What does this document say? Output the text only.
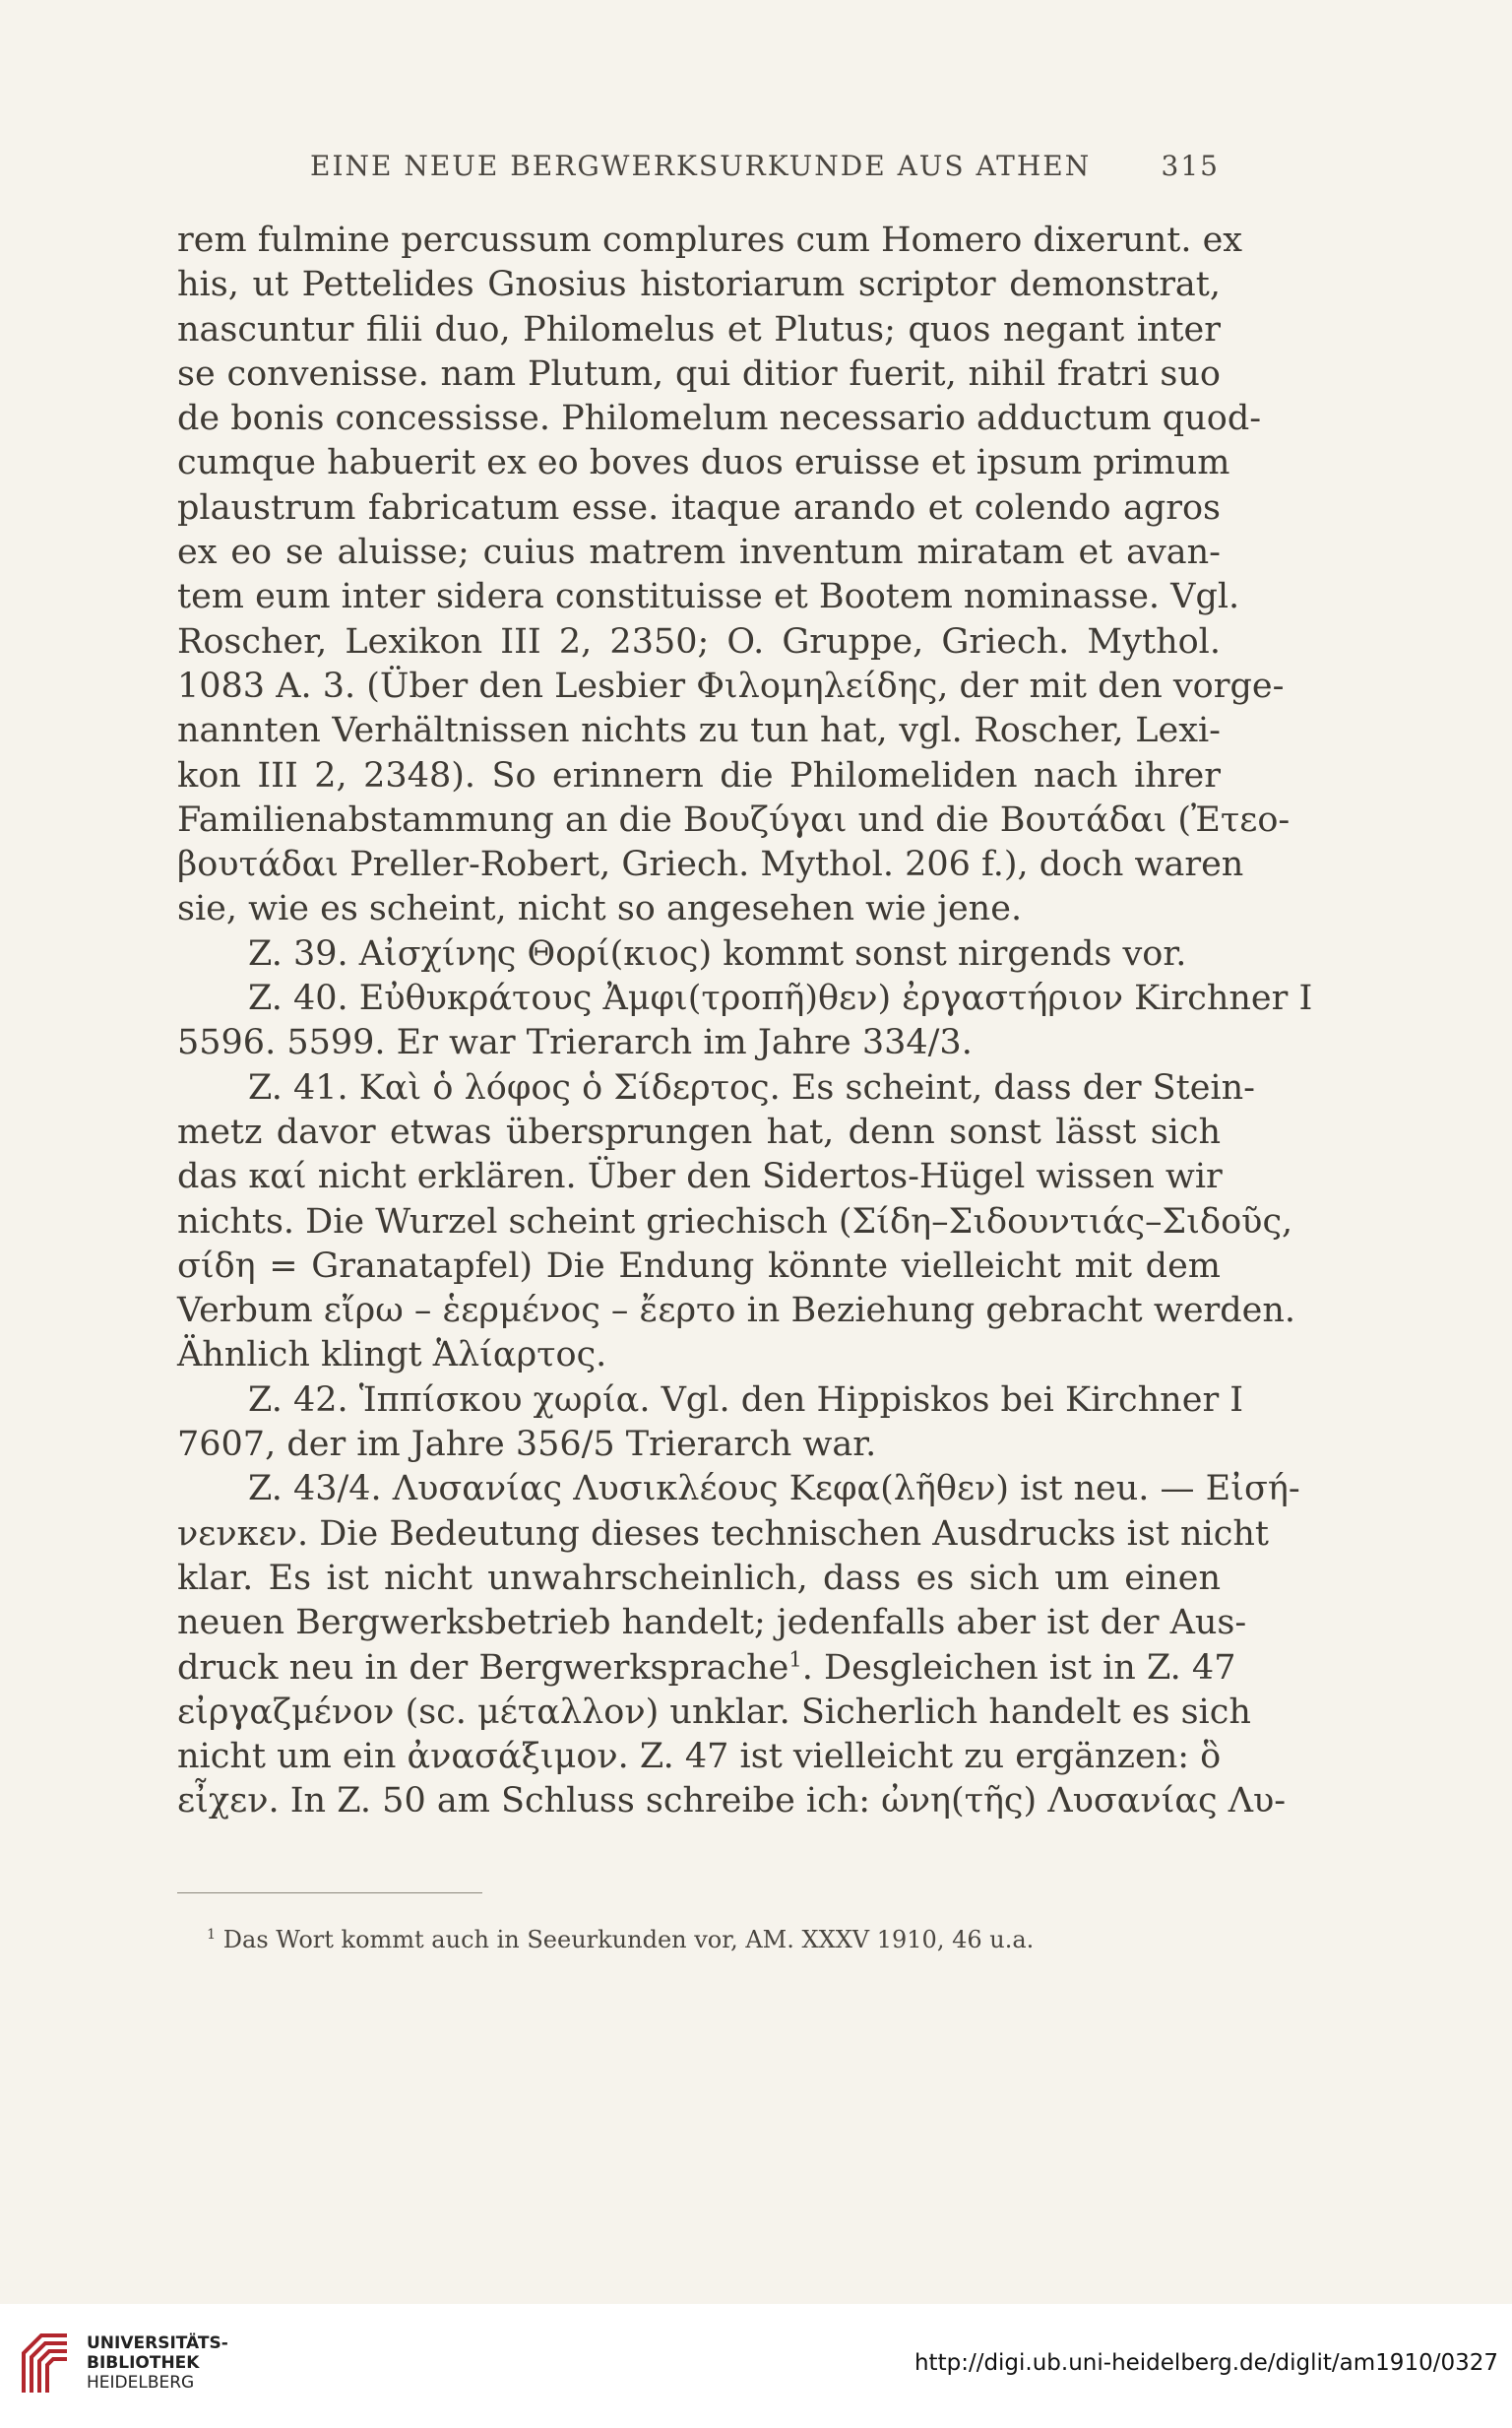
EINE NEUE BERGWERKSURKUNDE AUS ATHEN	315
rem fulmine percussum complures cum Homero dixerunt. ex
his, ut Pettelides Gnosius historiarum scriptor demonstrat,
nascuntur filii duo, Philomelus et Plutus; quos negant inter
se convenisse. nam Plutum, qui ditior fuerit, nihil fratri suo
de bonis concessisse. Philomelum necessario adductum quod-
cumque habuerit ex eo boves duos eruisse et ipsum primum
plaustrum fabricatum esse. itaque arando et colendo agros
ex eo se aluisse; cuius matrem inventum miratam et avan-
tem eum inter sidera constituisse et Bootem nominasse. Vgl.
Roscher, Lexikon III 2, 2350; O. Gruppe, Griech. Mythol.
1083 A. 3. (Über den Lesbier Φιλομηλείδης, der mit den vorge-
nannten Verhältnissen nichts zu tun hat, vgl. Roscher, Lexi-
kon III 2, 2348). So erinnern die Philomeliden nach ihrer
Familienabstammung an die Βουζύγαι und die Βουτάδαι (Ἐτεο-
βουτάδαι Preller-Robert, Griech. Mythol. 206 f.), doch waren
sie, wie es scheint, nicht so angesehen wie jene.
Z. 39. Αἰσχίνης Θορί(κιος) kommt sonst nirgends vor.
Z. 40. Εὐθυκράτους Ἀμφι(τροπῆ)θεν) ἐργαστήριον Kirchner I
5596. 5599. Er war Trierarch im Jahre 334/3.
Z. 41. Καὶ ὁ λόφος ὁ Σίδερτος. Es scheint, dass der Stein-
metz davor etwas übersprungen hat, denn sonst lässt sich
das καί nicht erklären. Über den Sidertos-Hügel wissen wir
nichts. Die Wurzel scheint griechisch (Σίδη–Σιδουντιάς–Σιδοῦς,
σίδη = Granatapfel) Die Endung könnte vielleicht mit dem
Verbum εἴρω – ἑερμένος – ἔερτο in Beziehung gebracht werden.
Ähnlich klingt Ἁλίαρτος.
Z. 42. Ἱππίσκου χωρία. Vgl. den Hippiskos bei Kirchner I
7607, der im Jahre 356/5 Trierarch war.
Z. 43/4. Λυσανίας Λυσικλέους Κεφα(λῆθεν) ist neu. — Εἰσή-
νενκεν. Die Bedeutung dieses technischen Ausdrucks ist nicht
klar. Es ist nicht unwahrscheinlich, dass es sich um einen
neuen Bergwerksbetrieb handelt; jedenfalls aber ist der Aus-
druck neu in der Bergwerksprache$^1$. Desgleichen ist in Z. 47
εἰργαζμένον (sc. μέταλλον) unklar. Sicherlich handelt es sich
nicht um ein ἀνασάξιμον. Z. 47 ist vielleicht zu ergänzen: ὃ
εἶχεν. In Z. 50 am Schluss schreibe ich: ὠνη(τῆς) Λυσανίας Λυ-
$^1$ Das Wort kommt auch in Seeurkunden vor, AM. XXXV 1910, 46 u.a.
UNIVERSITÄTS-
BIBLIOTHEK
HEIDELBERG
http://digi.ub.uni-heidelberg.de/diglit/am1910/0327
